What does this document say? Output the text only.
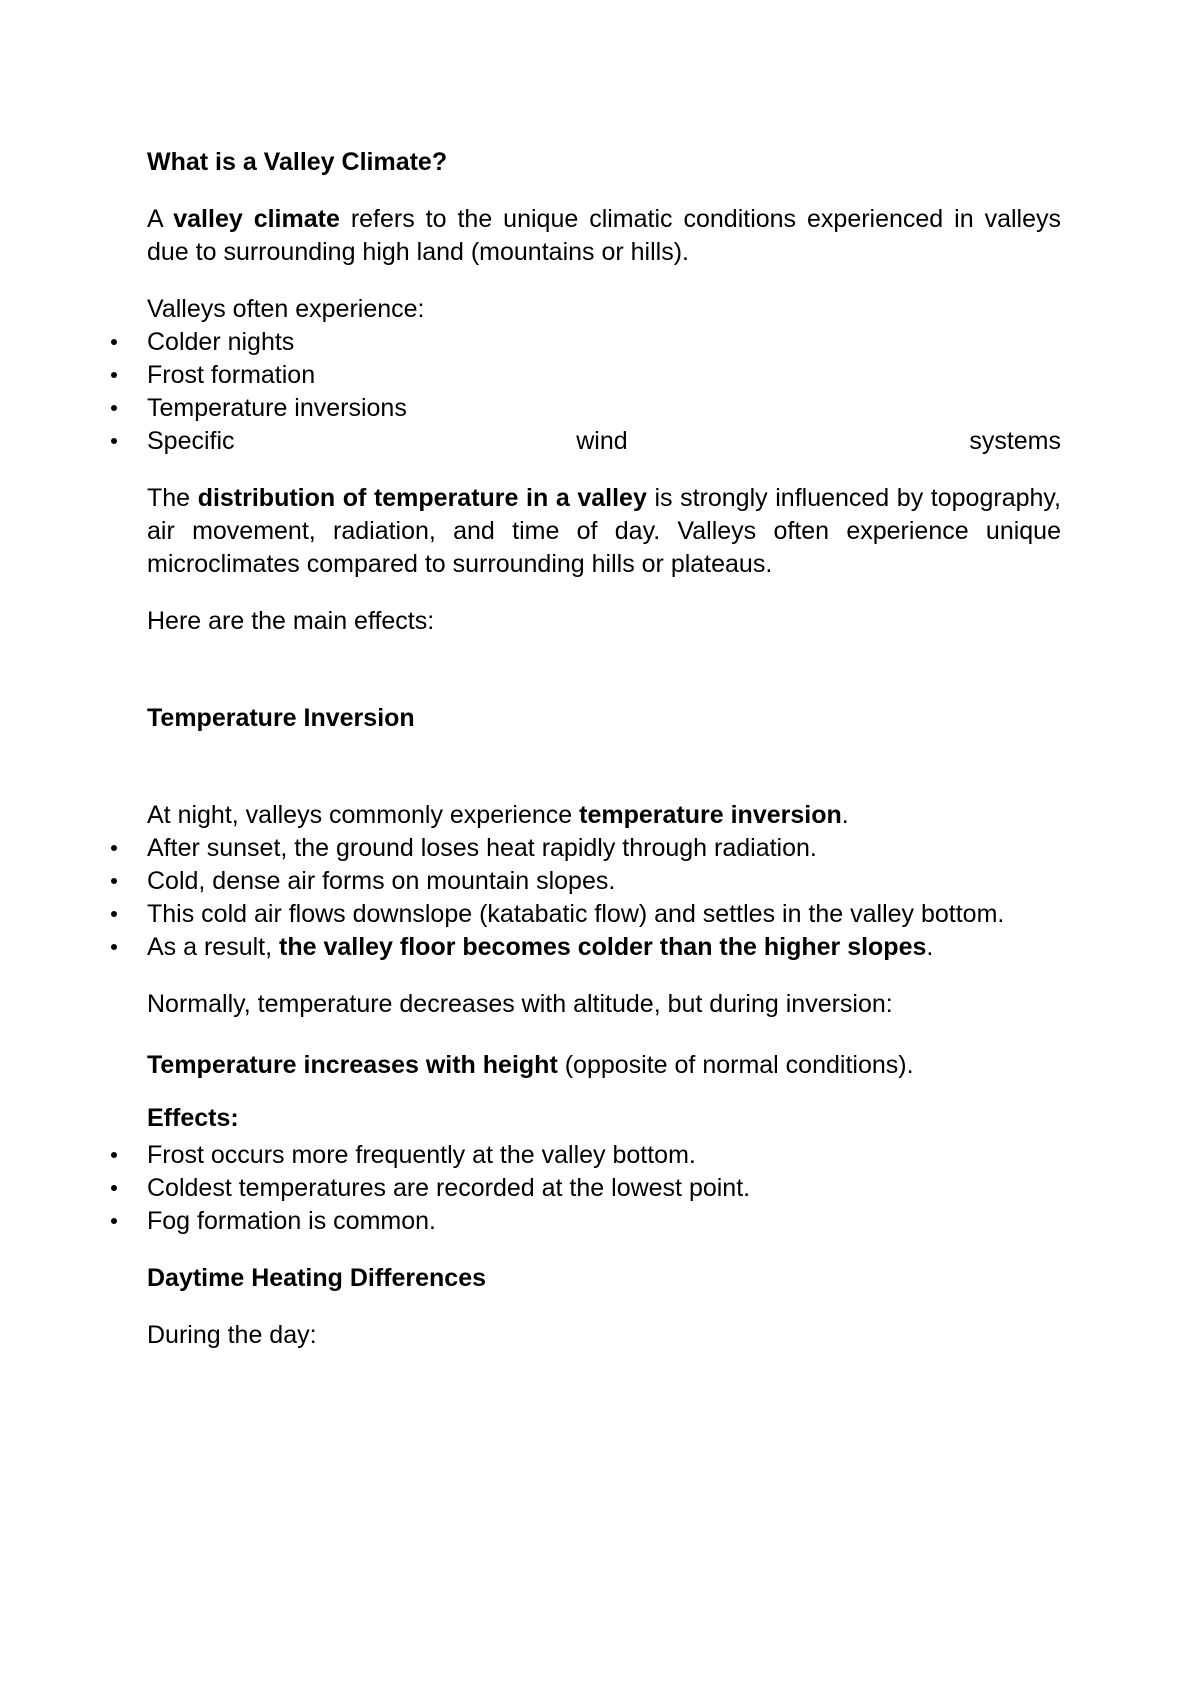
What is a Valley Climate?

A valley climate refers to the unique climatic conditions experienced in valleys due to surrounding high land (mountains or hills).

Valleys often experience:

Colder nights
Frost formation
Temperature inversions
Specific	wind	systems

The distribution of temperature in a valley is strongly influenced by topography, air movement, radiation, and time of day. Valleys often experience unique microclimates compared to surrounding hills or plateaus.

Here are the main effects:

Temperature Inversion

At night, valleys commonly experience temperature inversion.

After sunset, the ground loses heat rapidly through radiation.
Cold, dense air forms on mountain slopes.
This cold air flows downslope (katabatic flow) and settles in the valley bottom.
As a result, the valley floor becomes colder than the higher slopes.

Normally, temperature decreases with altitude, but during inversion:

Temperature increases with height (opposite of normal conditions).

Effects:

Frost occurs more frequently at the valley bottom.
Coldest temperatures are recorded at the lowest point.
Fog formation is common.

Daytime Heating Differences

During the day:
